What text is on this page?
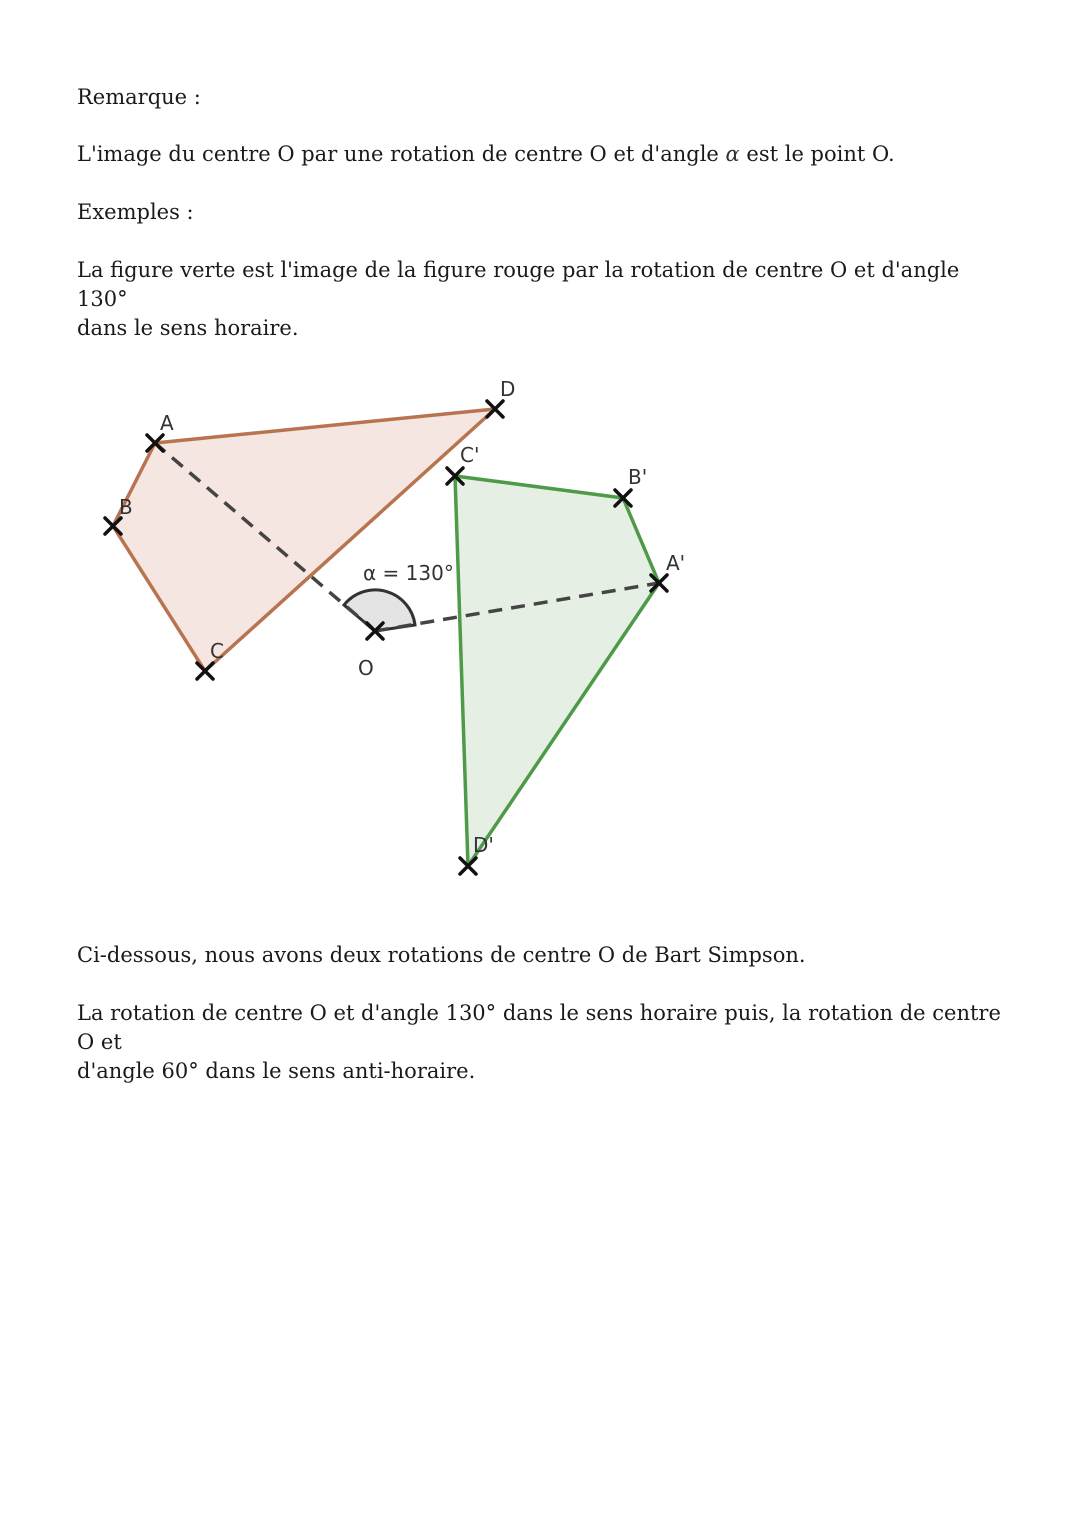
Remarque :

L'image du centre O par une rotation de centre O et d'angle α est le point O.

Exemples :

La figure verte est l'image de la figure rouge par la rotation de centre O et d'angle 130°
dans le sens horaire.

A
B
C
D
O
A'
B'
C'
D'
α = 130°

Ci-dessous, nous avons deux rotations de centre O de Bart Simpson.

La rotation de centre O et d'angle 130° dans le sens horaire puis, la rotation de centre O et
d'angle 60° dans le sens anti-horaire.
